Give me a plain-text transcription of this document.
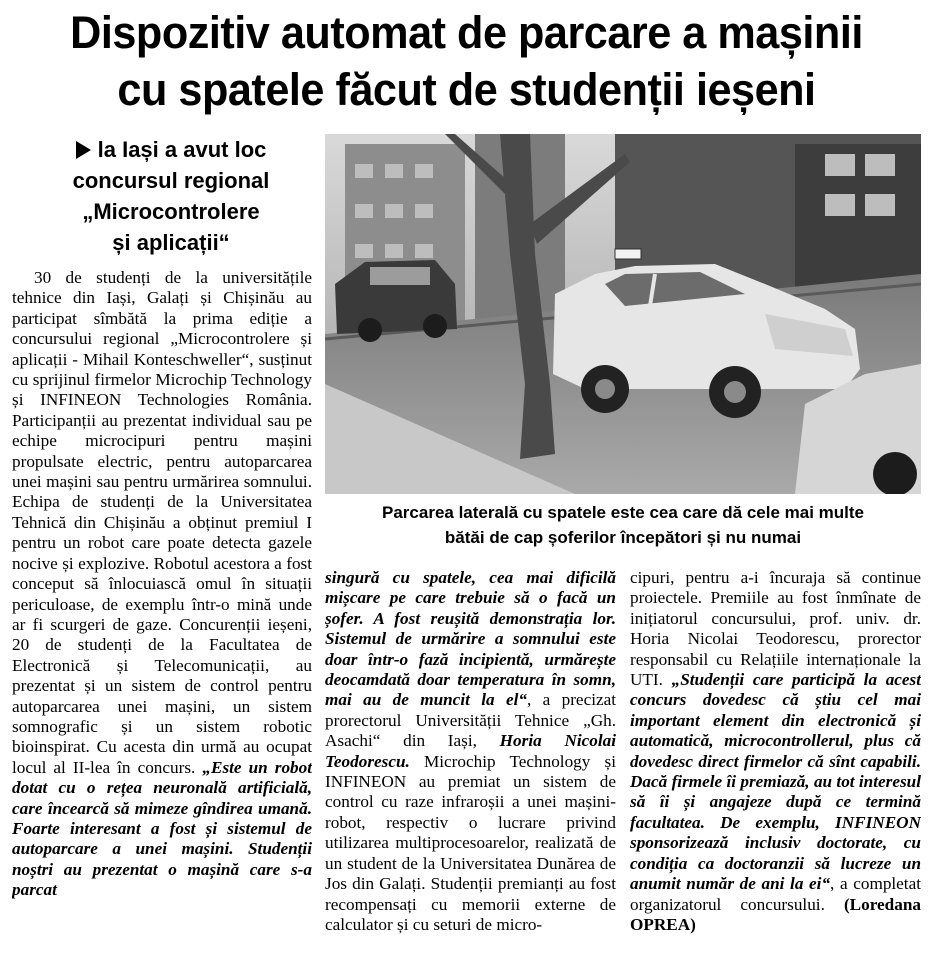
Dispozitiv automat de parcare a mașinii
cu spatele făcut de studenții ieșeni
la Iași a avut loc
concursul regional
„Microcontrolere
și aplicații“
Parcarea laterală cu spatele este cea care dă cele mai multe
bătăi de cap șoferilor începători și nu numai

30 de studenți de la universitățile tehnice din Iași, Galați și Chișinău au participat sîmbătă la prima ediție a concursului regional „Microcontrolere și aplicații - Mihail Konteschweller“, susținut cu sprijinul firmelor Microchip Technology și INFINEON Technologies România. Participanții au prezentat individual sau pe echipe microcipuri pentru mașini propulsate electric, pentru autoparcarea unei mașini sau pentru urmărirea somnului. Echipa de studenți de la Universitatea Tehnică din Chișinău a obținut premiul I pentru un robot care poate detecta gazele nocive și explozive. Robotul acestora a fost conceput să înlocuiască omul în situații periculoase, de exemplu într-o mină unde ar fi scurgeri de gaze. Concurenții ieșeni, 20 de studenți de la Facultatea de Electronică și Telecomunicații, au prezentat și un sistem de control pentru autoparcarea unei mașini, un sistem somnografic și un sistem robotic bioinspirat. Cu acesta din urmă au ocupat locul al II-lea în concurs. „Este un robot dotat cu o rețea neuronală artificială, care încearcă să mimeze gîndirea umană. Foarte interesant a fost și sistemul de autoparcare a unei mașini. Studenții noștri au prezentat o mașină care s-a parcat

singură cu spatele, cea mai dificilă mișcare pe care trebuie să o facă un șofer. A fost reușită demonstrația lor. Sistemul de urmărire a somnului este doar într-o fază incipientă, urmărește deocamdată doar temperatura în somn, mai au de muncit la el“, a precizat prorectorul Universității Tehnice „Gh. Asachi“ din Iași, Horia Nicolai Teodorescu. Microchip Technology și INFINEON au premiat un sistem de control cu raze infraroșii a unei mașini-robot, respectiv o lucrare privind utilizarea multiprocesoarelor, realizată de un student de la Universitatea Dunărea de Jos din Galați. Studenții premianți au fost recompensați cu memorii externe de calculator și cu seturi de micro-

cipuri, pentru a-i încuraja să continue proiectele. Premiile au fost înmînate de inițiatorul concursului, prof. univ. dr. Horia Nicolai Teodorescu, prorector responsabil cu Relațiile internaționale la UTI. „Studenții care participă la acest concurs dovedesc că știu cel mai important element din electronică și automatică, microcontrollerul, plus că dovedesc direct firmelor că sînt capabili. Dacă firmele îi premiază, au tot interesul să îi și angajeze după ce termină facultatea. De exemplu, INFINEON sponsorizează inclusiv doctorate, cu condiția ca doctoranzii să lucreze un anumit număr de ani la ei“, a completat organizatorul concursului. (Loredana OPREA)
